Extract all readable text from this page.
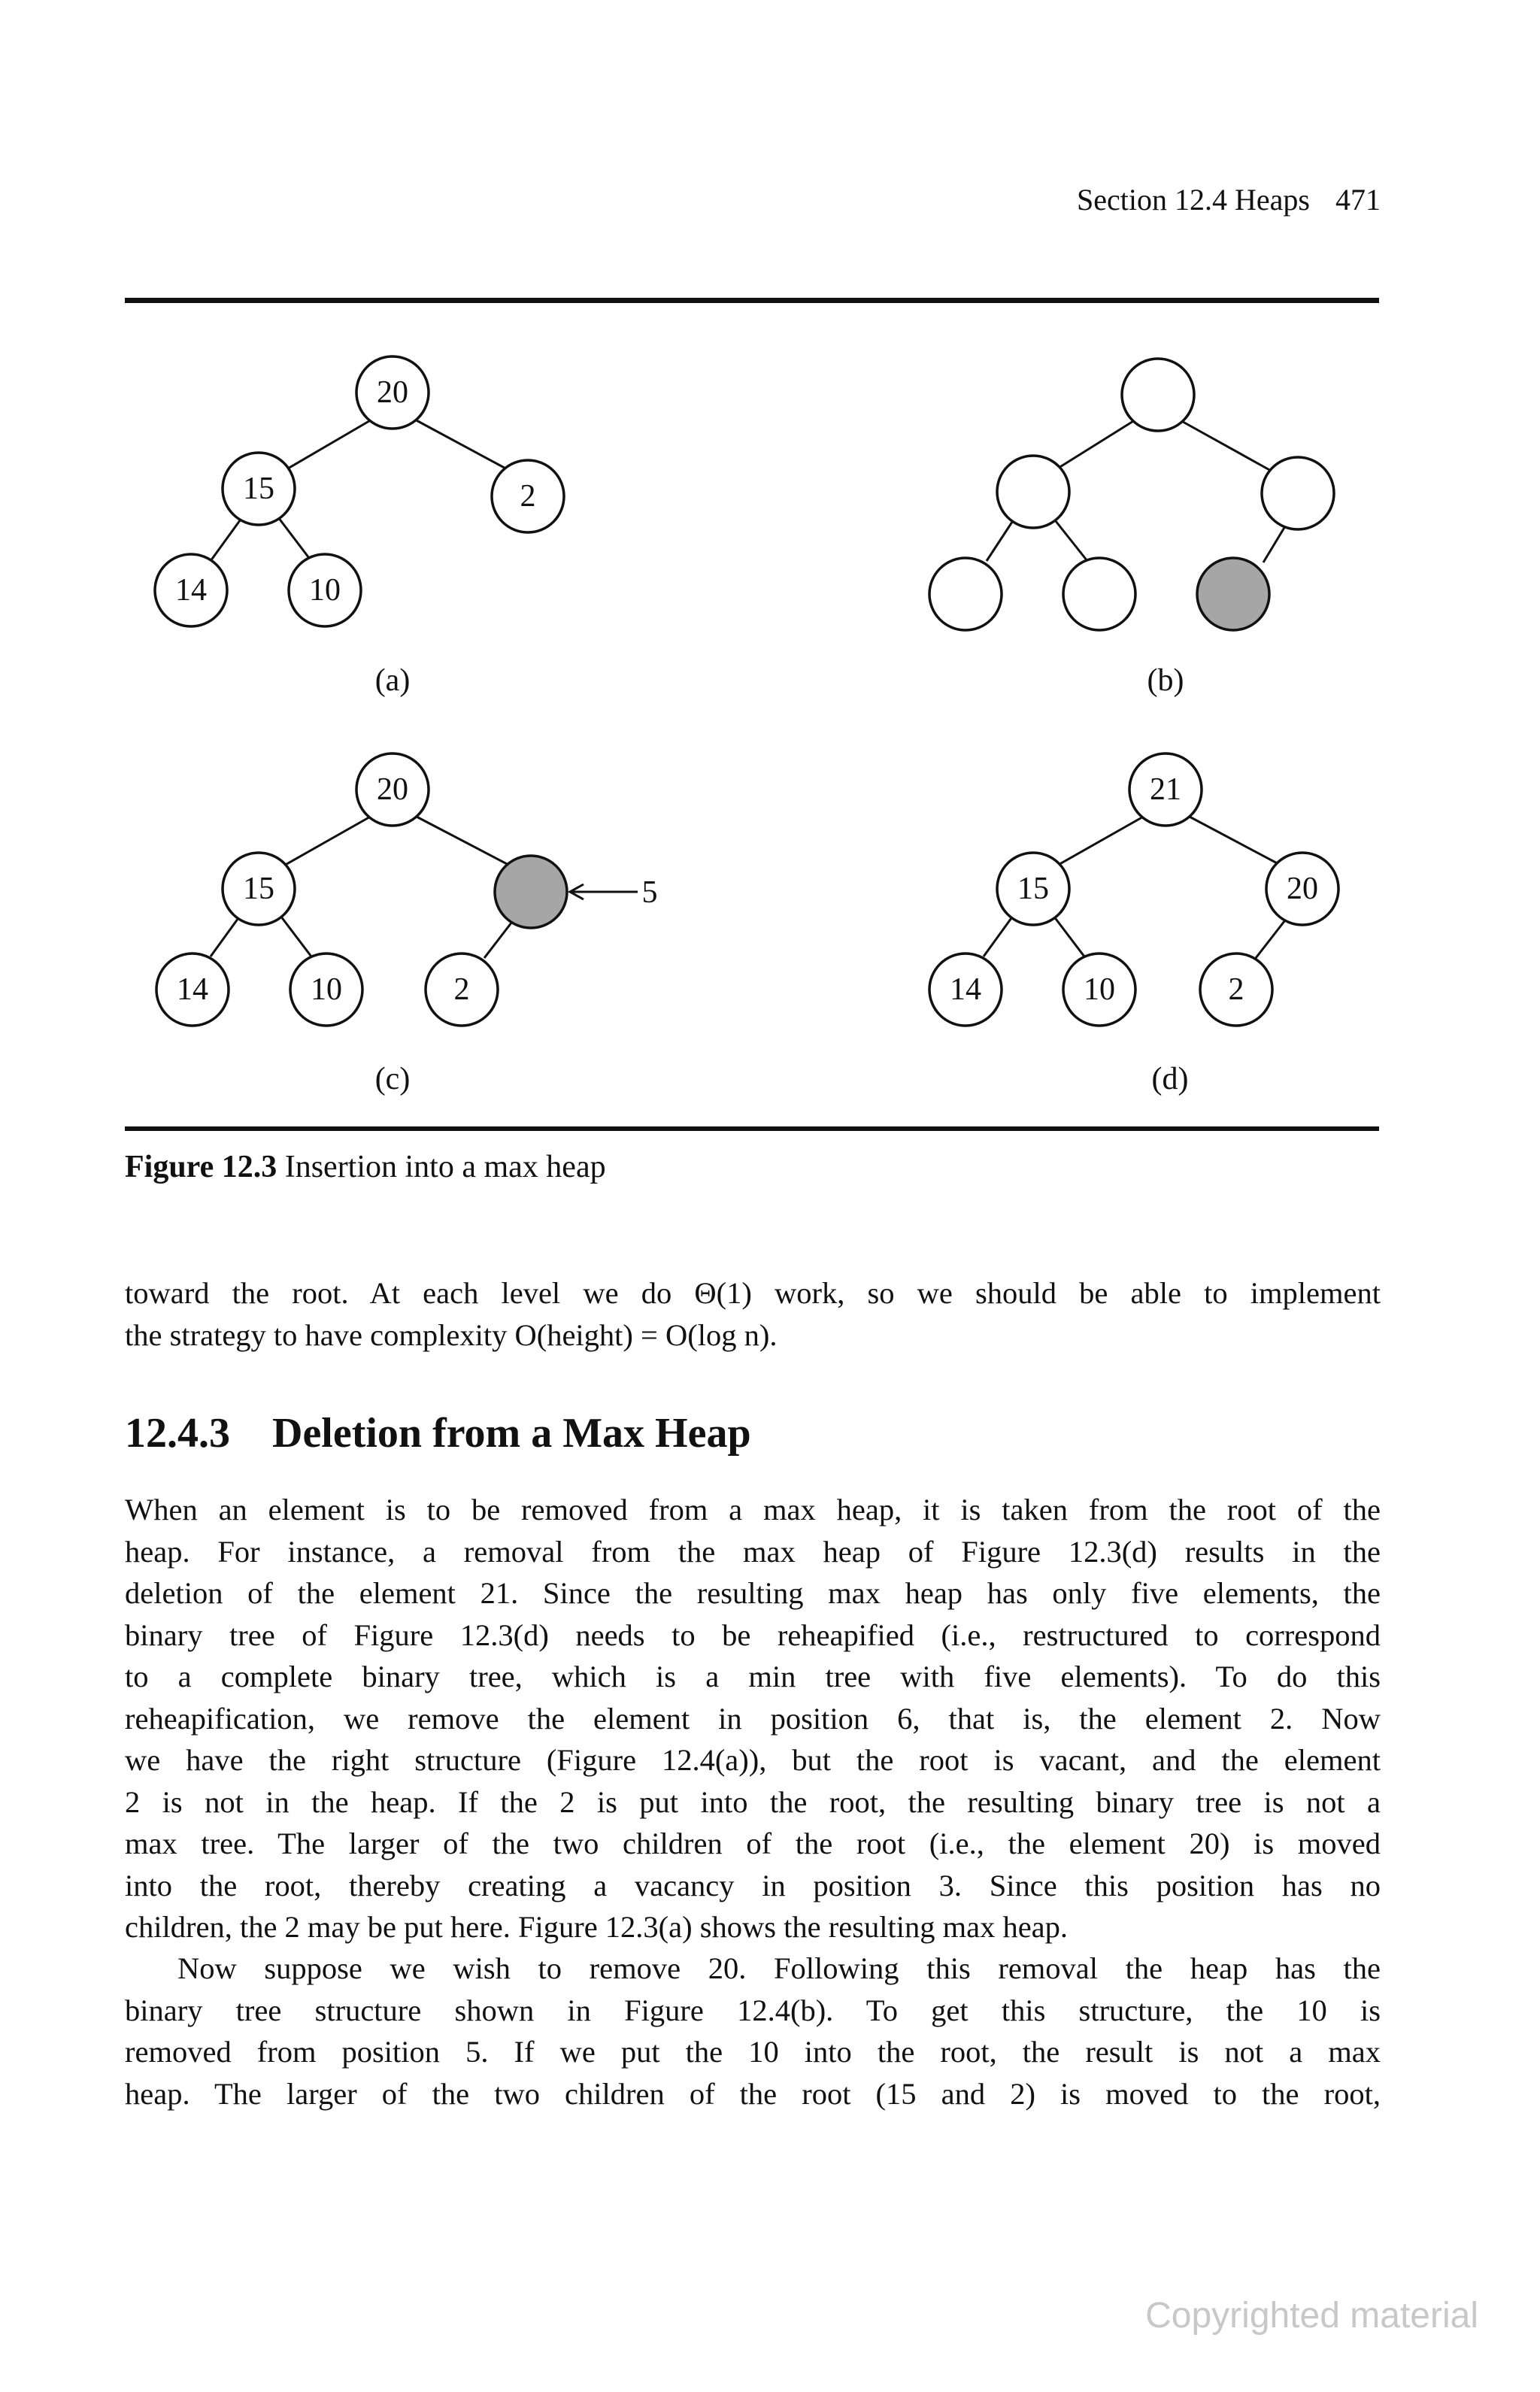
Section 12.4 Heaps 471
20
15	2
14	10
(a)	(b)
20
15
14	10	2
5
(c)
21
15	20
14	10	2
(d)
Figure 12.3 Insertion into a max heap
toward the root. At each level we do Θ(1) work, so we should be able to implement
the strategy to have complexity O(height) = O(log n).
12.4.3 Deletion from a Max Heap
When an element is to be removed from a max heap, it is taken from the root of the
heap. For instance, a removal from the max heap of Figure 12.3(d) results in the
deletion of the element 21. Since the resulting max heap has only five elements, the
binary tree of Figure 12.3(d) needs to be reheapified (i.e., restructured to correspond
to a complete binary tree, which is a min tree with five elements). To do this
reheapification, we remove the element in position 6, that is, the element 2. Now
we have the right structure (Figure 12.4(a)), but the root is vacant, and the element
2 is not in the heap. If the 2 is put into the root, the resulting binary tree is not a
max tree. The larger of the two children of the root (i.e., the element 20) is moved
into the root, thereby creating a vacancy in position 3. Since this position has no
children, the 2 may be put here. Figure 12.3(a) shows the resulting max heap.
Now suppose we wish to remove 20. Following this removal the heap has the
binary tree structure shown in Figure 12.4(b). To get this structure, the 10 is
removed from position 5. If we put the 10 into the root, the result is not a max
heap. The larger of the two children of the root (15 and 2) is moved to the root,
Copyrighted material
